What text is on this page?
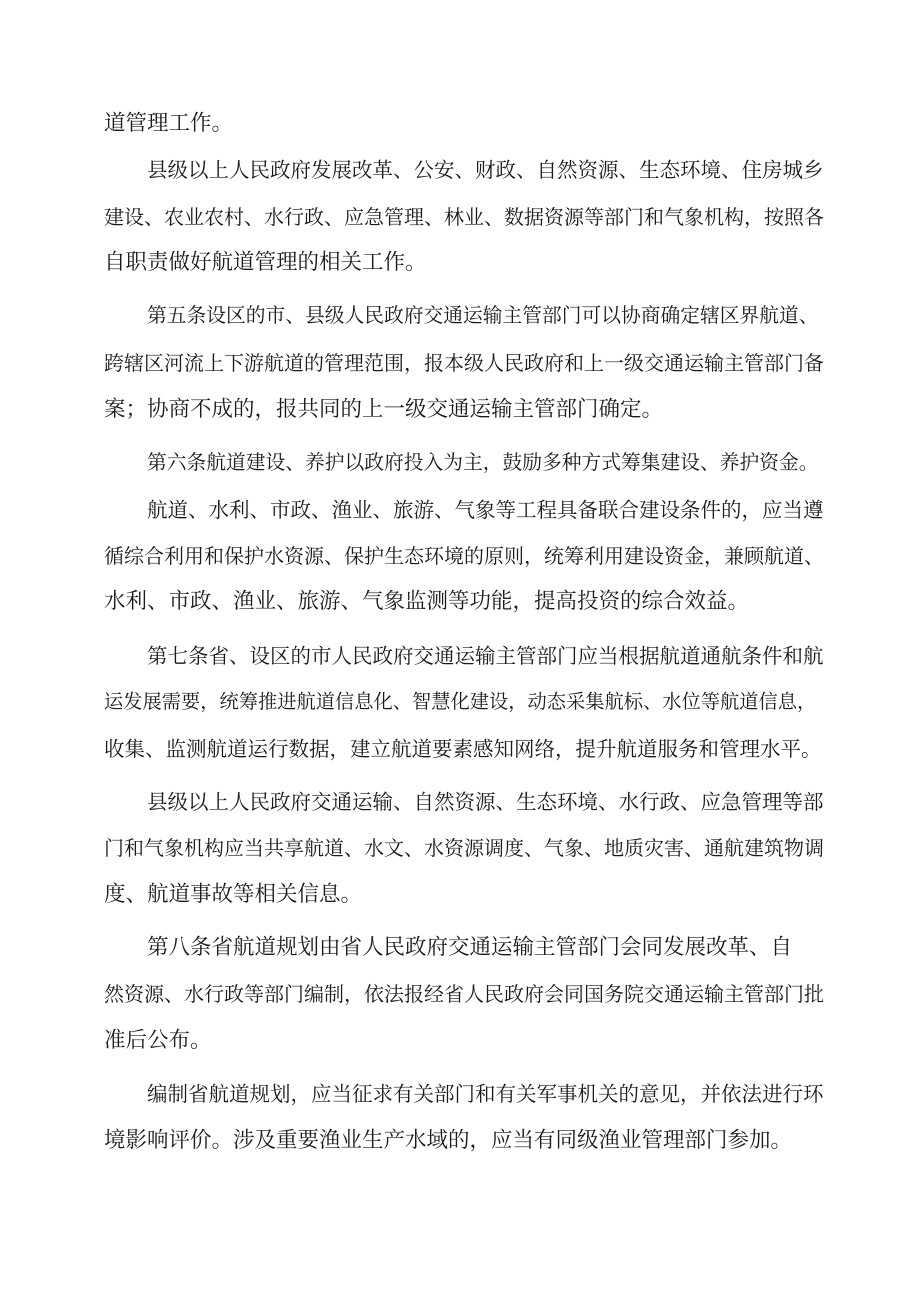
道管理工作。
县级以上人民政府发展改革、公安、财政、自然资源、生态环境、住房城乡
建设、农业农村、水行政、应急管理、林业、数据资源等部门和气象机构，按照各
自职责做好航道管理的相关工作。
第五条设区的市、县级人民政府交通运输主管部门可以协商确定辖区界航道、
跨辖区河流上下游航道的管理范围，报本级人民政府和上一级交通运输主管部门备
案；协商不成的，报共同的上一级交通运输主管部门确定。
第六条航道建设、养护以政府投入为主，鼓励多种方式筹集建设、养护资金。
航道、水利、市政、渔业、旅游、气象等工程具备联合建设条件的，应当遵
循综合利用和保护水资源、保护生态环境的原则，统筹利用建设资金，兼顾航道、
水利、市政、渔业、旅游、气象监测等功能，提高投资的综合效益。
第七条省、设区的市人民政府交通运输主管部门应当根据航道通航条件和航
运发展需要，统筹推进航道信息化、智慧化建设，动态采集航标、水位等航道信息，
收集、监测航道运行数据，建立航道要素感知网络，提升航道服务和管理水平。
县级以上人民政府交通运输、自然资源、生态环境、水行政、应急管理等部
门和气象机构应当共享航道、水文、水资源调度、气象、地质灾害、通航建筑物调
度、航道事故等相关信息。
第八条省航道规划由省人民政府交通运输主管部门会同发展改革、自
然资源、水行政等部门编制，依法报经省人民政府会同国务院交通运输主管部门批
准后公布。
编制省航道规划，应当征求有关部门和有关军事机关的意见，并依法进行环
境影响评价。涉及重要渔业生产水域的，应当有同级渔业管理部门参加。
